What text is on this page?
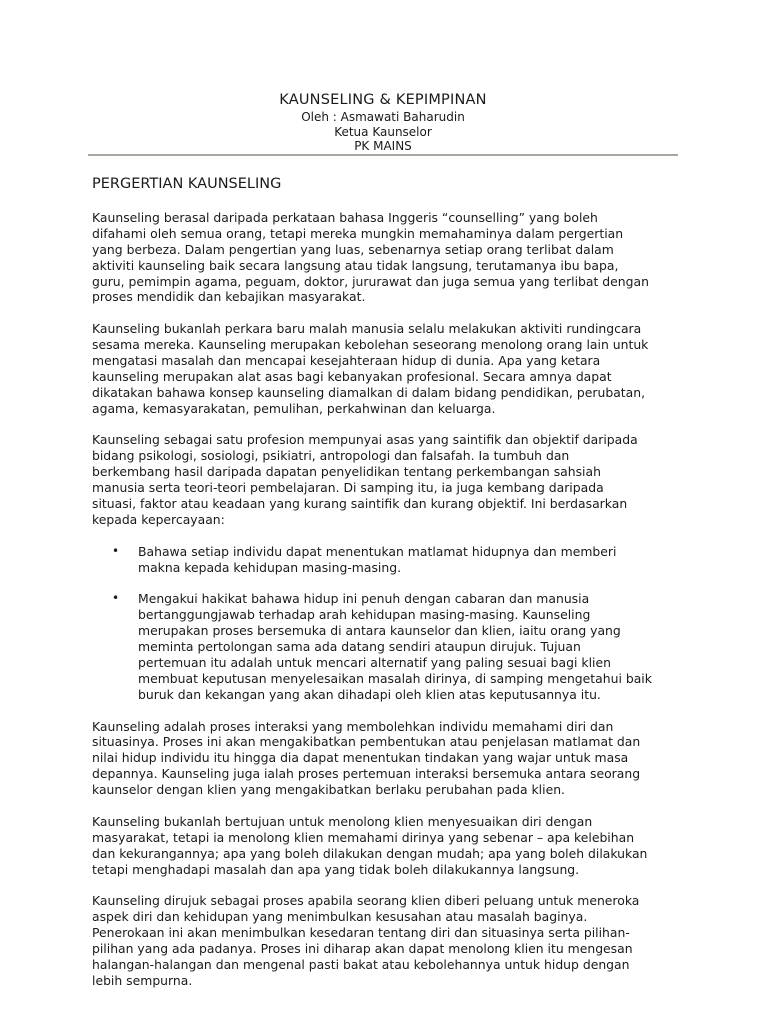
KAUNSELING & KEPIMPINAN
Oleh : Asmawati Baharudin
Ketua Kaunselor
PK MAINS
PERGERTIAN KAUNSELING
Kaunseling berasal daripada perkataan bahasa Inggeris “counselling” yang boleh
difahami oleh semua orang, tetapi mereka mungkin memahaminya dalam pergertian
yang berbeza. Dalam pengertian yang luas, sebenarnya setiap orang terlibat dalam
aktiviti kaunseling baik secara langsung atau tidak langsung, terutamanya ibu bapa,
guru, pemimpin agama, peguam, doktor, jururawat dan juga semua yang terlibat dengan
proses mendidik dan kebajikan masyarakat.
Kaunseling bukanlah perkara baru malah manusia selalu melakukan aktiviti rundingcara
sesama mereka. Kaunseling merupakan kebolehan seseorang menolong orang lain untuk
mengatasi masalah dan mencapai kesejahteraan hidup di dunia. Apa yang ketara
kaunseling merupakan alat asas bagi kebanyakan profesional. Secara amnya dapat
dikatakan bahawa konsep kaunseling diamalkan di dalam bidang pendidikan, perubatan,
agama, kemasyarakatan, pemulihan, perkahwinan dan keluarga.
Kaunseling sebagai satu profesion mempunyai asas yang saintifik dan objektif daripada
bidang psikologi, sosiologi, psikiatri, antropologi dan falsafah. Ia tumbuh dan
berkembang hasil daripada dapatan penyelidikan tentang perkembangan sahsiah
manusia serta teori-teori pembelajaran. Di samping itu, ia juga kembang daripada
situasi, faktor atau keadaan yang kurang saintifik dan kurang objektif. Ini berdasarkan
kepada kepercayaan:
• Bahawa setiap individu dapat menentukan matlamat hidupnya dan memberi
makna kepada kehidupan masing-masing.
• Mengakui hakikat bahawa hidup ini penuh dengan cabaran dan manusia
bertanggungjawab terhadap arah kehidupan masing-masing. Kaunseling
merupakan proses bersemuka di antara kaunselor dan klien, iaitu orang yang
meminta pertolongan sama ada datang sendiri ataupun dirujuk. Tujuan
pertemuan itu adalah untuk mencari alternatif yang paling sesuai bagi klien
membuat keputusan menyelesaikan masalah dirinya, di samping mengetahui baik
buruk dan kekangan yang akan dihadapi oleh klien atas keputusannya itu.
Kaunseling adalah proses interaksi yang membolehkan individu memahami diri dan
situasinya. Proses ini akan mengakibatkan pembentukan atau penjelasan matlamat dan
nilai hidup individu itu hingga dia dapat menentukan tindakan yang wajar untuk masa
depannya. Kaunseling juga ialah proses pertemuan interaksi bersemuka antara seorang
kaunselor dengan klien yang mengakibatkan berlaku perubahan pada klien.
Kaunseling bukanlah bertujuan untuk menolong klien menyesuaikan diri dengan
masyarakat, tetapi ia menolong klien memahami dirinya yang sebenar – apa kelebihan
dan kekurangannya; apa yang boleh dilakukan dengan mudah; apa yang boleh dilakukan
tetapi menghadapi masalah dan apa yang tidak boleh dilakukannya langsung.
Kaunseling dirujuk sebagai proses apabila seorang klien diberi peluang untuk meneroka
aspek diri dan kehidupan yang menimbulkan kesusahan atau masalah baginya.
Penerokaan ini akan menimbulkan kesedaran tentang diri dan situasinya serta pilihan-
pilihan yang ada padanya. Proses ini diharap akan dapat menolong klien itu mengesan
halangan-halangan dan mengenal pasti bakat atau kebolehannya untuk hidup dengan
lebih sempurna.
